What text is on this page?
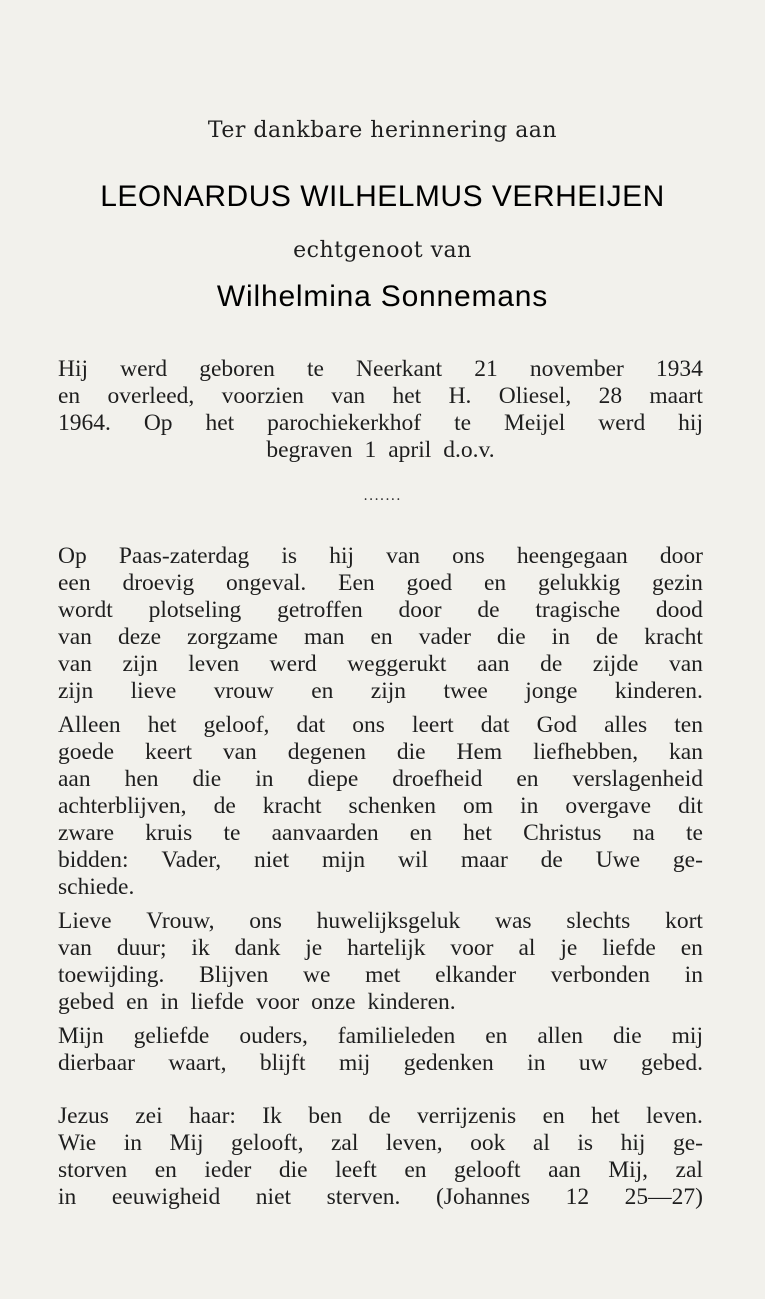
Ter dankbare herinnering aan
LEONARDUS WILHELMUS VERHEIJEN
echtgenoot van
Wilhelmina Sonnemans
Hij werd geboren te Neerkant 21 november 1934
en overleed, voorzien van het H. Oliesel, 28 maart
1964. Op het parochiekerkhof te Meijel werd hij
begraven 1 april d.o.v.
.......
Op Paas-zaterdag is hij van ons heengegaan door
een droevig ongeval. Een goed en gelukkig gezin
wordt plotseling getroffen door de tragische dood
van deze zorgzame man en vader die in de kracht
van zijn leven werd weggerukt aan de zijde van
zijn lieve vrouw en zijn twee jonge kinderen.
Alleen het geloof, dat ons leert dat God alles ten
goede keert van degenen die Hem liefhebben, kan
aan hen die in diepe droefheid en verslagenheid
achterblijven, de kracht schenken om in overgave dit
zware kruis te aanvaarden en het Christus na te
bidden: Vader, niet mijn wil maar de Uwe ge-
schiede.
Lieve Vrouw, ons huwelijksgeluk was slechts kort
van duur; ik dank je hartelijk voor al je liefde en
toewijding. Blijven we met elkander verbonden in
gebed en in liefde voor onze kinderen.
Mijn geliefde ouders, familieleden en allen die mij
dierbaar waart, blijft mij gedenken in uw gebed.
Jezus zei haar: Ik ben de verrijzenis en het leven.
Wie in Mij gelooft, zal leven, ook al is hij ge-
storven en ieder die leeft en gelooft aan Mij, zal
in eeuwigheid niet sterven. (Johannes 12 25—27)
